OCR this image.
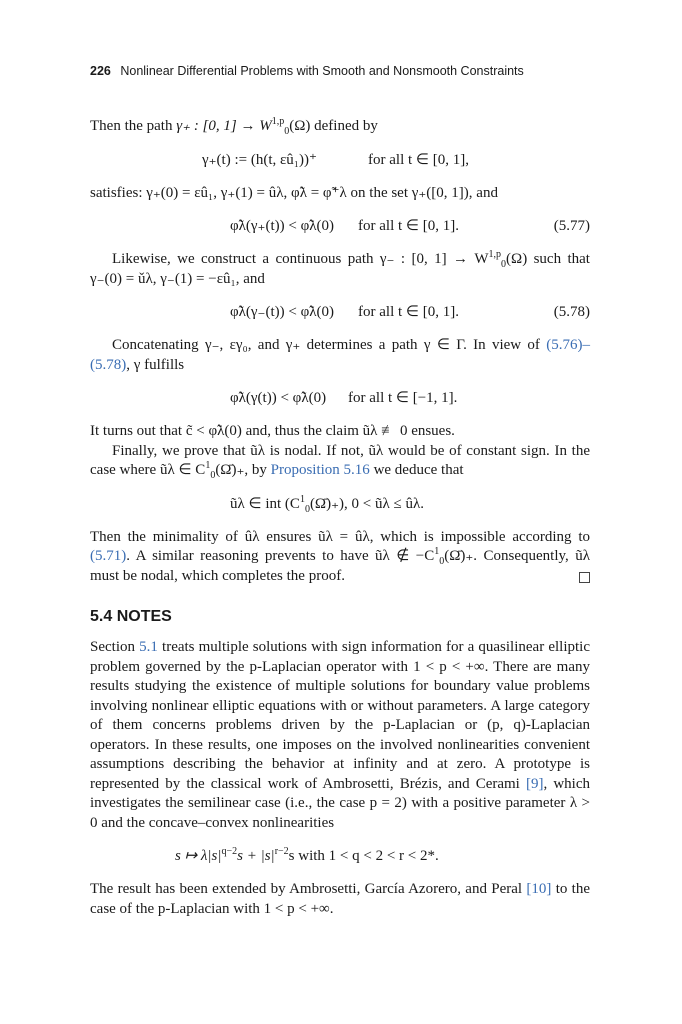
226 Nonlinear Differential Problems with Smooth and Nonsmooth Constraints

Then the path γ₊ : [0, 1] → W$^{1,p}_0$(Ω) defined by

γ₊(t) := (h(t, εû₁))⁺	for all t ∈ [0, 1],

satisfies: γ₊(0) = εû₁, γ₊(1) = ûλ, φ̃λ = φ̃⁺λ on the set γ₊([0, 1]), and

φ̃λ(γ₊(t)) < φ̃λ(0) for all t ∈ [0, 1].	(5.77)

Likewise, we construct a continuous path γ₋ : [0, 1] → W$^{1,p}_0$(Ω) such that γ₋(0) = ǔλ, γ₋(1) = −εû₁, and

φ̃λ(γ₋(t)) < φ̃λ(0) for all t ∈ [0, 1].	(5.78)

Concatenating γ₋, εγ₀, and γ₊ determines a path γ ∈ Γ. In view of (5.76)–(5.78), γ fulfills

φ̃λ(γ(t)) < φ̃λ(0) for all t ∈ [−1, 1].

It turns out that c̃ < φ̃λ(0) and, thus the claim ũλ ≢ 0 ensues.

Finally, we prove that ũλ is nodal. If not, ũλ would be of constant sign. In the case where ũλ ∈ $C^1_0(\Omegā)_+$, by Proposition 5.16 we deduce that

ũλ ∈ int $(C^1_0(\Omegā)_+)$, 0 < ũλ ≤ ûλ.

Then the minimality of ûλ ensures ũλ = ûλ, which is impossible according to (5.71). A similar reasoning prevents to have ũλ ∉ $-C^1_0(\Omegā)_+$. Consequently, ũλ must be nodal, which completes the proof.

5.4 NOTES

Section 5.1 treats multiple solutions with sign information for a quasilinear elliptic problem governed by the p-Laplacian operator with 1 < p < +∞. There are many results studying the existence of multiple solutions for boundary value problems involving nonlinear elliptic equations with or without parameters. A large category of them concerns problems driven by the p-Laplacian or (p, q)-Laplacian operators. In these results, one imposes on the involved nonlinearities convenient assumptions describing the behavior at infinity and at zero. A prototype is represented by the classical work of Ambrosetti, Brézis, and Cerami [9], which investigates the semilinear case (i.e., the case p = 2) with a positive parameter λ > 0 and the concave–convex nonlinearities

s ↦ $\lambda|s|^{q-2}s + |s|^{r-2}s$ with 1 < q < 2 < r < 2*.

The result has been extended by Ambrosetti, García Azorero, and Peral [10] to the case of the p-Laplacian with 1 < p < +∞.
